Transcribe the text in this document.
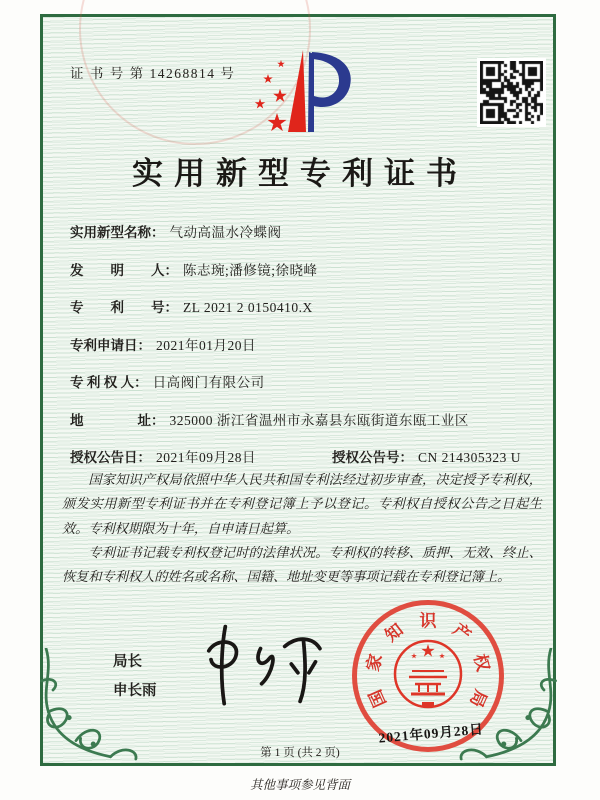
证 书 号 第 14268814 号
实用新型专利证书
实用新型名称： 气动高温水冷蝶阀
发　　明　　人： 陈志琬;潘修镜;徐晓峰
专　　利　　号： ZL 2021 2 0150410.X
专利申请日： 2021年01月20日
专 利 权 人： 日高阀门有限公司
地　　　　址： 325000 浙江省温州市永嘉县东瓯街道东瓯工业区
授权公告日： 2021年09月28日	授权公告号： CN 214305323 U

国家知识产权局依照中华人民共和国专利法经过初步审查，决定授予专利权，颁发实用新型专利证书并在专利登记簿上予以登记。专利权自授权公告之日起生效。专利权期限为十年，自申请日起算。

专利证书记载专利权登记时的法律状况。专利权的转移、质押、无效、终止、恢复和专利权人的姓名或名称、国籍、地址变更等事项记载在专利登记簿上。

局长
申长雨	国
家
知 识 产
权
局
2021年09月28日
第 1 页 (共 2 页)
其他事项参见背面
